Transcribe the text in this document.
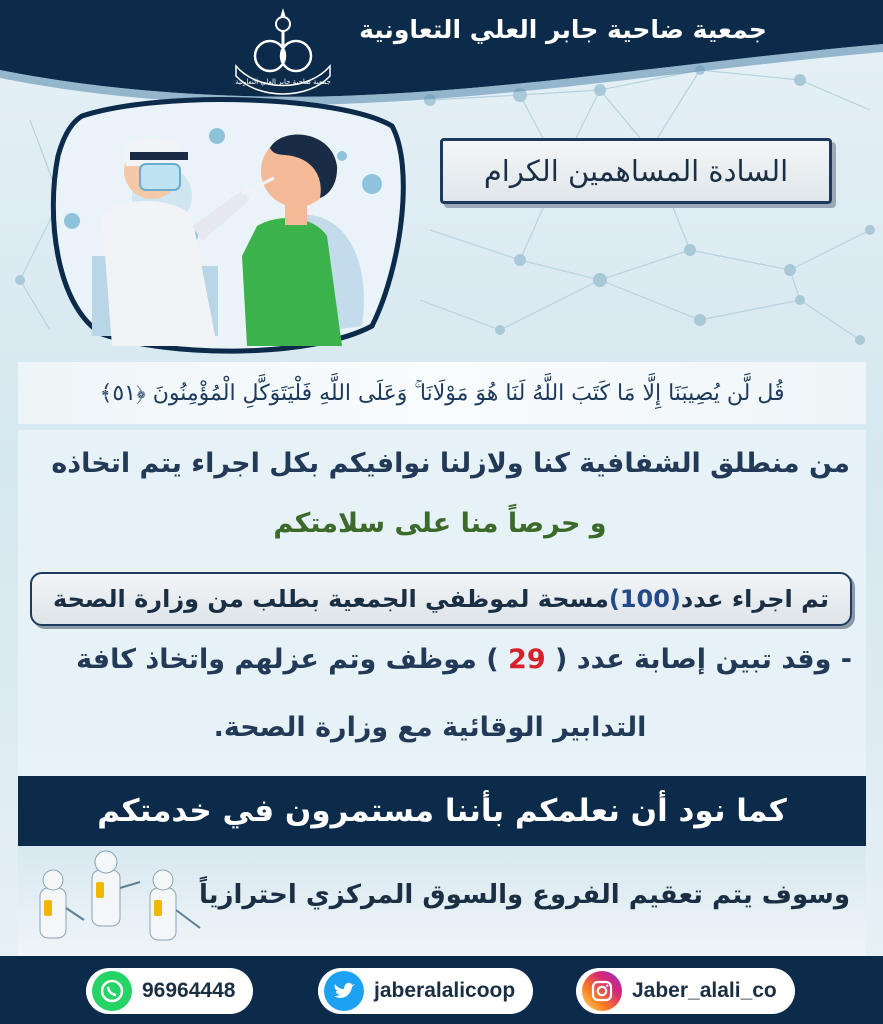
جمعية ضاحية جابر العلي التعاونية
جمعية ضاحية جابر العلي التعاونية
السادة المساهمين الكرام
قُل لَّن يُصِيبَنَا إِلَّا مَا كَتَبَ اللَّهُ لَنَا هُوَ مَوْلَانَا ۚ وَعَلَى اللَّهِ فَلْيَتَوَكَّلِ الْمُؤْمِنُونَ ﴿٥١﴾
من منطلق الشفافية كنا ولازلنا نوافيكم بكل اجراء يتم اتخاذه
و حرصاً منا على سلامتكم
تم اجراء عدد
(100)
مسحة لموظفي الجمعية بطلب من وزارة الصحة
- وقد تبين إصابة عدد ( 29 ) موظف وتم عزلهم واتخاذ كافة
التدابير الوقائية مع وزارة الصحة.
كما نود أن نعلمكم بأننا مستمرون في خدمتكم
وسوف يتم تعقيم الفروع والسوق المركزي احترازياً
96964448	jaberalalicoop	Jaber_alali_co
